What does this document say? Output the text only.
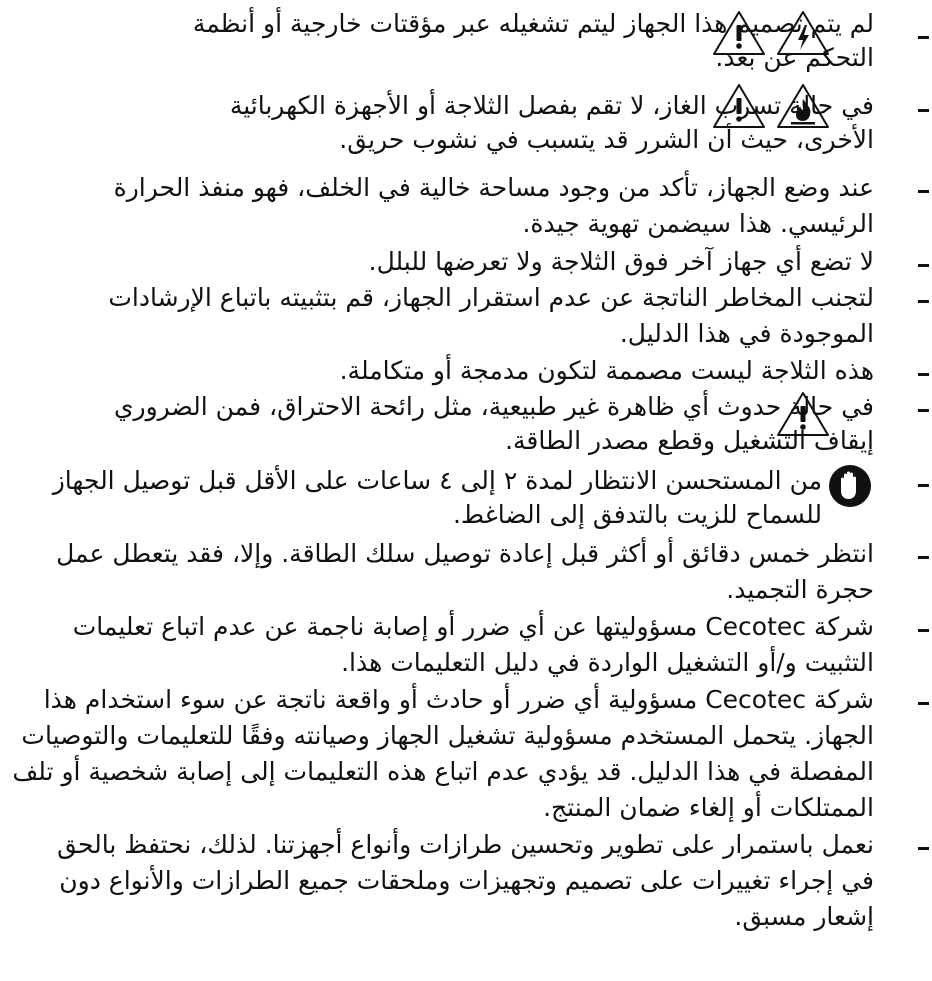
لم يتم تصميم هذا الجهاز ليتم تشغيله عبر مؤقتات خارجية أو أنظمة
التحكم عن بعد.
في حالة تسرب الغاز، لا تقم بفصل الثلاجة أو الأجهزة الكهربائية
الأخرى، حيث أن الشرر قد يتسبب في نشوب حريق.
عند وضع الجهاز، تأكد من وجود مساحة خالية في الخلف، فهو منفذ الحرارة
الرئيسي. هذا سيضمن تهوية جيدة.
لا تضع أي جهاز آخر فوق الثلاجة ولا تعرضها للبلل.
لتجنب المخاطر الناتجة عن عدم استقرار الجهاز، قم بتثبيته باتباع الإرشادات
الموجودة في هذا الدليل.
هذه الثلاجة ليست مصممة لتكون مدمجة أو متكاملة.
في حالة حدوث أي ظاهرة غير طبيعية، مثل رائحة الاحتراق، فمن الضروري
إيقاف التشغيل وقطع مصدر الطاقة.
من المستحسن الانتظار لمدة ٢ إلى ٤ ساعات على الأقل قبل توصيل الجهاز
للسماح للزيت بالتدفق إلى الضاغط.
انتظر خمس دقائق أو أكثر قبل إعادة توصيل سلك الطاقة. وإلا، فقد يتعطل عمل
حجرة التجميد.
شركة Cecotec مسؤوليتها عن أي ضرر أو إصابة ناجمة عن عدم اتباع تعليمات
التثبيت و/أو التشغيل الواردة في دليل التعليمات هذا.
شركة Cecotec مسؤولية أي ضرر أو حادث أو واقعة ناتجة عن سوء استخدام هذا
الجهاز. يتحمل المستخدم مسؤولية تشغيل الجهاز وصيانته وفقًا للتعليمات والتوصيات
المفصلة في هذا الدليل. قد يؤدي عدم اتباع هذه التعليمات إلى إصابة شخصية أو تلف
الممتلكات أو إلغاء ضمان المنتج.
نعمل باستمرار على تطوير وتحسين طرازات وأنواع أجهزتنا. لذلك، نحتفظ بالحق
في إجراء تغييرات على تصميم وتجهيزات وملحقات جميع الطرازات والأنواع دون
إشعار مسبق.
